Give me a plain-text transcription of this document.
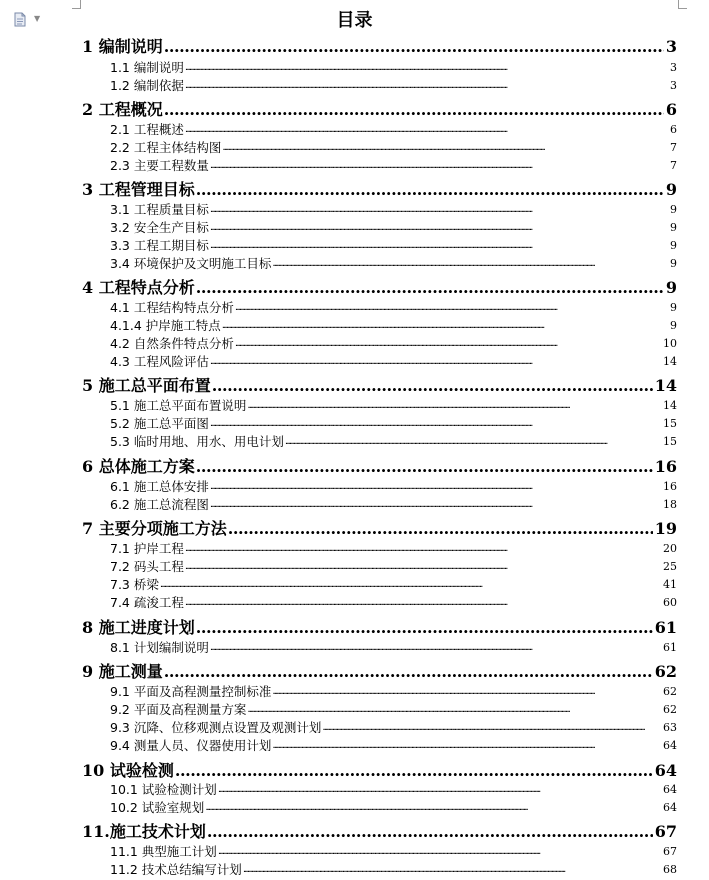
▼	目录
1 编制说明 . . .	3
1.1 编制说明 . . .	3
1.2 编制依据 . . .	3
2 工程概况 . . .	6
2.1 工程概述 . . .	6
2.2 工程主体结构图 . . .	7
2.3 主要工程数量 . . .	7
3 工程管理目标 . . .	9
3.1 工程质量目标 . . .	9
3.2 安全生产目标 . . .	9
3.3 工程工期目标 . . .	9
3.4 环境保护及文明施工目标 . . .	9
4 工程特点分析 . . .	9
4.1 工程结构特点分析 . . .	9
4.1.4 护岸施工特点 . . .	9
4.2 自然条件特点分析 . . .	10
4.3 工程风险评估 . . .	14
5 施工总平面布置 . . .	14
5.1 施工总平面布置说明 . . .	14
5.2 施工总平面图 . . .	15
5.3 临时用地、用水、用电计划 . . .	15
6 总体施工方案 . . .	16
6.1 施工总体安排 . . .	16
6.2 施工总流程图 . . .	18
7 主要分项施工方法 . . .	19
7.1 护岸工程 . . .	20
7.2 码头工程 . . .	25
7.3 桥梁 . . .	41
7.4 疏浚工程 . . .	60
8 施工进度计划 . . .	61
8.1 计划编制说明 . . .	61
9 施工测量 . . .	62
9.1 平面及高程测量控制标准 . . .	62
9.2 平面及高程测量方案 . . .	62
9.3 沉降、位移观测点设置及观测计划 . . .	63
9.4 测量人员、仪器使用计划 . . .	64
10 试验检测 . . .	64
10.1 试验检测计划 . . .	64
10.2 试验室规划 . . .	64
11.施工技术计划 . . .	67
11.1 典型施工计划 . . .	67
11.2 技术总结编写计划 . . .	68
